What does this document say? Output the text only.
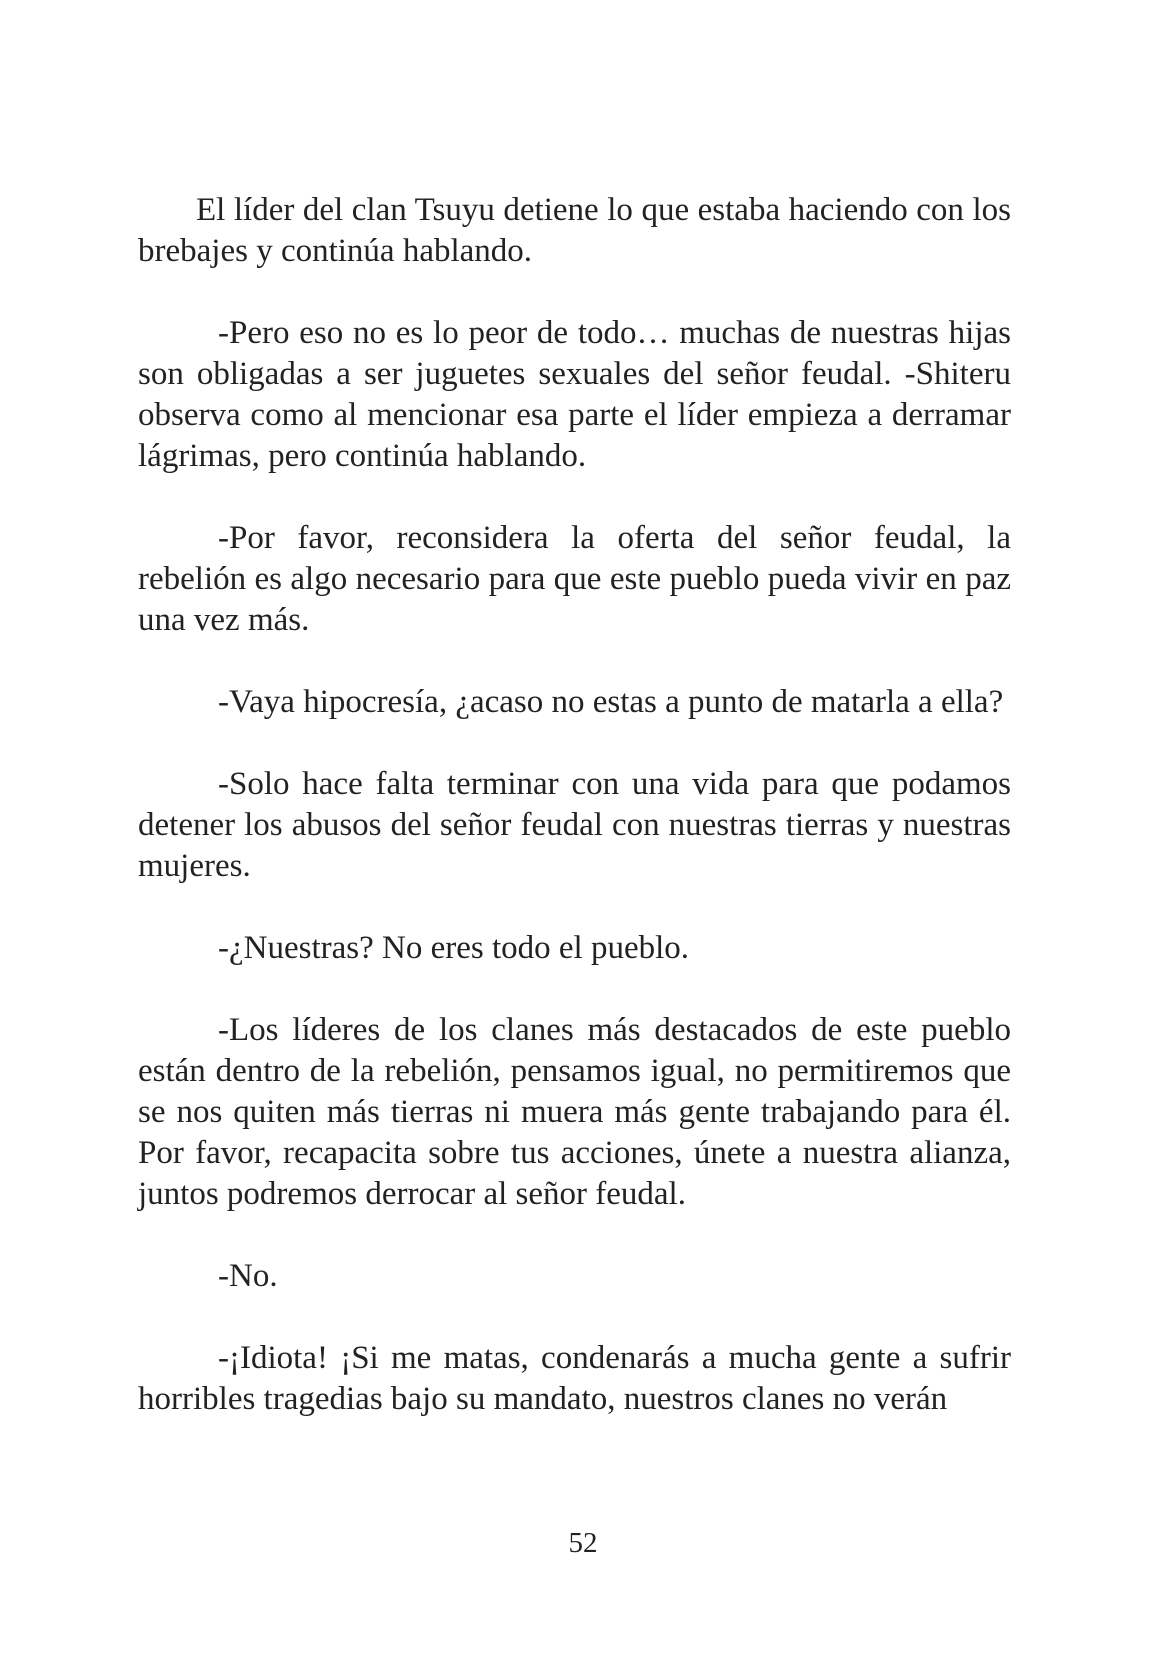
El líder del clan Tsuyu detiene lo que estaba haciendo con los brebajes y continúa hablando.

-Pero eso no es lo peor de todo… muchas de nuestras hijas son obligadas a ser juguetes sexuales del señor feudal. -Shiteru observa como al mencionar esa parte el líder empieza a derramar lágrimas, pero continúa hablando.

-Por favor, reconsidera la oferta del señor feudal, la rebelión es algo necesario para que este pueblo pueda vivir en paz una vez más.

-Vaya hipocresía, ¿acaso no estas a punto de matarla a ella?

-Solo hace falta terminar con una vida para que podamos detener los abusos del señor feudal con nuestras tierras y nuestras mujeres.

-¿Nuestras? No eres todo el pueblo.

-Los líderes de los clanes más destacados de este pueblo están dentro de la rebelión, pensamos igual, no permitiremos que se nos quiten más tierras ni muera más gente trabajando para él. Por favor, recapacita sobre tus acciones, únete a nuestra alianza, juntos podremos derrocar al señor feudal.

-No.

-¡Idiota! ¡Si me matas, condenarás a mucha gente a sufrir horribles tragedias bajo su mandato, nuestros clanes no verán

52
